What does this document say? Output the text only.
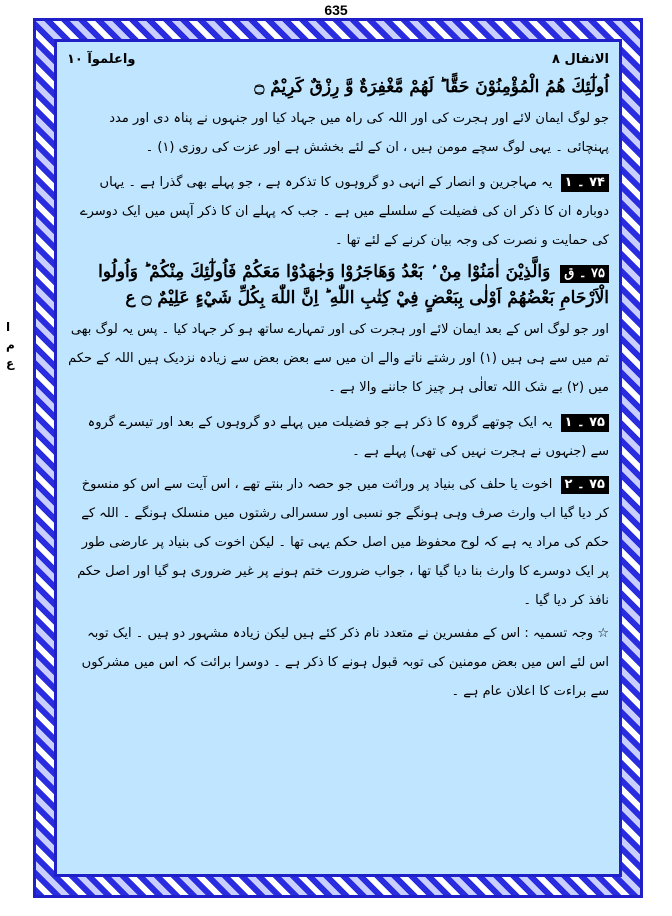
635
الانفال ۸
واعلموآ ۱۰
اُولٰٓئِكَ هُمُ الْمُؤْمِنُوْنَ حَقًّا ؕ لَهُمْ مَّغْفِرَةٌ وَّ رِزْقٌ كَرِيْمٌ ۝

جو لوگ ایمان لائے اور ہجرت کی اور اللہ کی راہ میں جہاد کیا اور جنہوں نے پناہ دی اور مدد پہنچائی ۔ یہی لوگ سچے مومن ہیں ، ان کے لئے بخشش ہے اور عزت کی روزی (۱) ۔

۷۴ ۔ ۱ یہ مہاجرین و انصار کے انہی دو گروہوں کا تذکرہ ہے ، جو پہلے بھی گذرا ہے ۔ یہاں دوبارہ ان کا ذکر ان کی فضیلت کے سلسلے میں ہے ۔ جب کہ پہلے ان کا ذکر آپس میں ایک دوسرے کی حمایت و نصرت کی وجہ بیان کرنے کے لئے تھا ۔

۷۵ ۔ ق وَالَّذِيْنَ اٰمَنُوْا مِنْ ۢ بَعْدُ وَهَاجَرُوْا وَجٰهَدُوْا مَعَكُمْ فَاُولٰٓئِكَ مِنْكُمْ ؕ وَاُولُوا الْاَرْحَامِ بَعْضُهُمْ اَوْلٰى بِبَعْضٍ فِيْ كِتٰبِ اللّٰهِ ؕ اِنَّ اللّٰهَ بِكُلِّ شَيْءٍ عَلِيْمٌ ۝ ع

اور جو لوگ اس کے بعد ایمان لائے اور ہجرت کی اور تمہارے ساتھ ہو کر جہاد کیا ۔ پس یہ لوگ بھی تم میں سے ہی ہیں (۱) اور رشتے ناتے والے ان میں سے بعض بعض سے زیادہ نزدیک ہیں اللہ کے حکم میں (۲) بے شک اللہ تعالٰی ہر چیز کا جاننے والا ہے ۔

۷۵ ۔ ۱ یہ ایک چوتھے گروہ کا ذکر ہے جو فضیلت میں پہلے دو گروہوں کے بعد اور تیسرے گروہ سے (جنہوں نے ہجرت نہیں کی تھی) پہلے ہے ۔

۷۵ ۔ ۲ اخوت یا حلف کی بنیاد پر وراثت میں جو حصہ دار بنتے تھے ، اس آیت سے اس کو منسوخ کر دیا گیا اب وارث صرف وہی ہونگے جو نسبی اور سسرالی رشتوں میں منسلک ہونگے ۔ اللہ کے حکم کی مراد یہ ہے کہ لوح محفوظ میں اصل حکم یہی تھا ۔ لیکن اخوت کی بنیاد پر عارضی طور پر ایک دوسرے کا وارث بنا دیا گیا تھا ، جواب ضرورت ختم ہونے پر غیر ضروری ہو گیا اور اصل حکم نافذ کر دیا گیا ۔

☆ وجہ تسمیہ : اس کے مفسرین نے متعدد نام ذکر کئے ہیں لیکن زیادہ مشہور دو ہیں ۔ ایک توبہ اس لئے اس میں بعض مومنین کی توبہ قبول ہونے کا ذکر ہے ۔ دوسرا برائت کہ اس میں مشرکوں سے براءت کا اعلان عام ہے ۔

ا
م
ع
